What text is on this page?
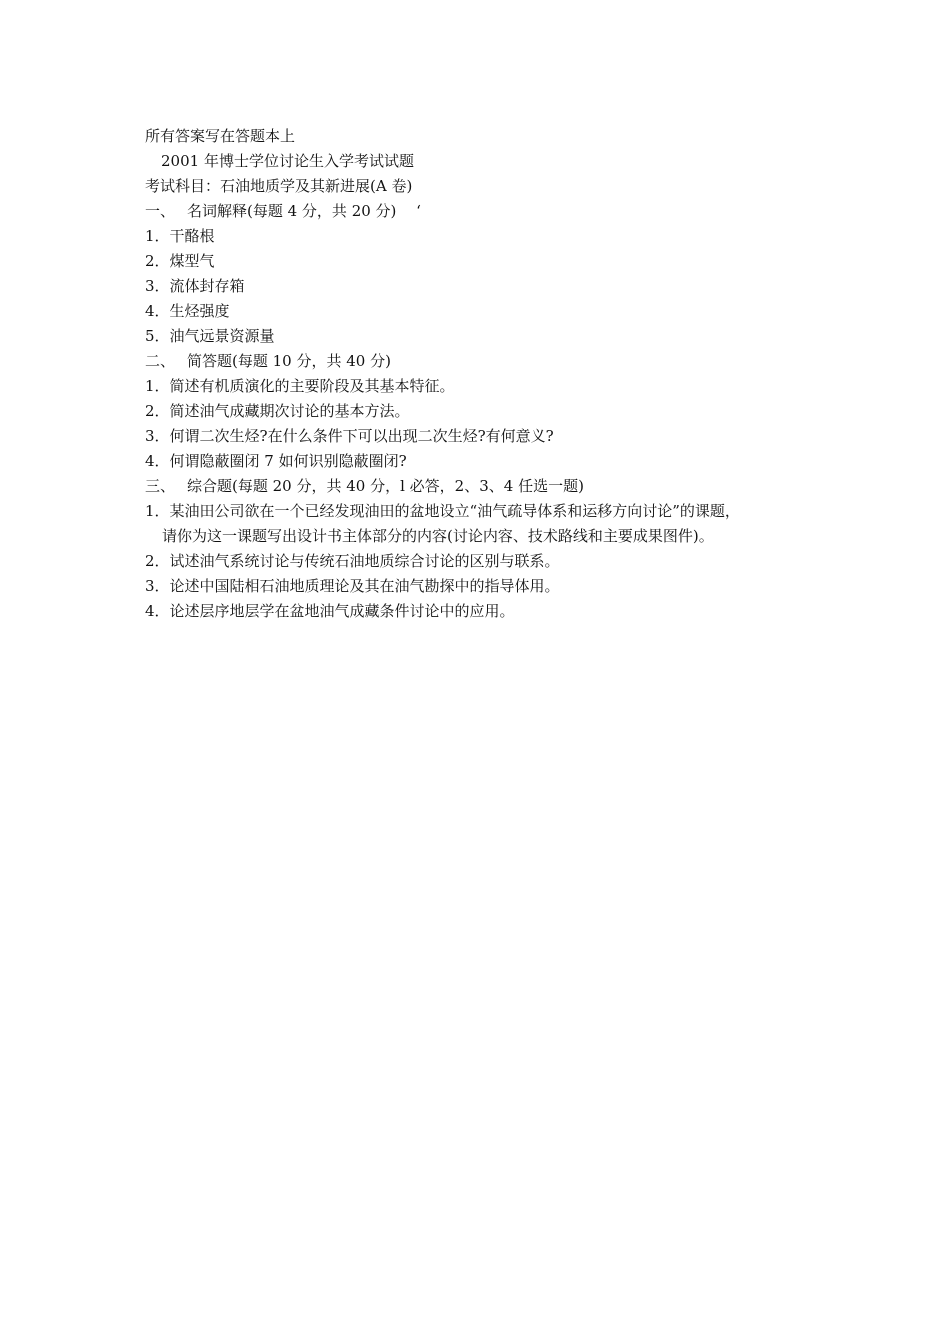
所有答案写在答题本上
2001 年博士学位讨论生入学考试试题
考试科目：石油地质学及其新进展(A 卷)
一、 名词解释(每题 4 分，共 20 分)　 ‘
1．干酪根
2．煤型气
3．流体封存箱
4．生烃强度
5．油气远景资源量
二、 简答题(每题 10 分，共 40 分)
1．简述有机质演化的主要阶段及其基本特征。
2．简述油气成藏期次讨论的基本方法。
3．何谓二次生烃?在什么条件下可以出现二次生烃?有何意义?
4．何谓隐蔽圈闭 7 如何识别隐蔽圈闭?
三、 综合题(每题 20 分，共 40 分，l 必答，2、3、4 任选一题)
1．某油田公司欲在一个已经发现油田的盆地设立“油气疏导体系和运移方向讨论”的课题，
请你为这一课题写出设计书主体部分的内容(讨论内容、技术路线和主要成果图件)。
2．试述油气系统讨论与传统石油地质综合讨论的区别与联系。
3．论述中国陆相石油地质理论及其在油气勘探中的指导体用。
4．论述层序地层学在盆地油气成藏条件讨论中的应用。
